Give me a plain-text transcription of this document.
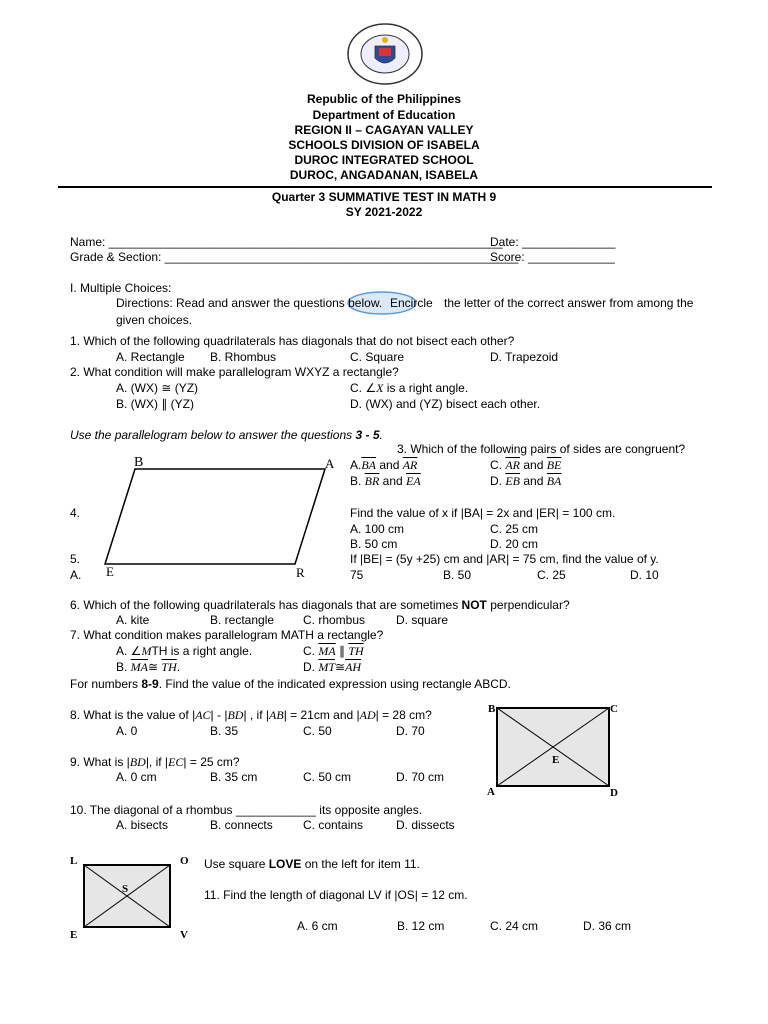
Republic of the Philippines
Department of Education
REGION II – CAGAYAN VALLEY
SCHOOLS DIVISION OF ISABELA
DUROC INTEGRATED SCHOOL
DUROC, ANGADANAN, ISABELA
Quarter 3 SUMMATIVE TEST IN MATH 9
SY 2021-2022
Name: ___________________________________________________________
Date: ______________
Grade & Section: _____________________________________________________
Score: _____________
I. Multiple Choices:
Directions: Read and answer the questions below. Encircle the letter of the correct answer from among the
given choices.
1. Which of the following quadrilaterals has diagonals that do not bisect each other?
A. Rectangle B. Rhombus	C. Square	D. Trapezoid
2. What condition will make parallelogram WXYZ a rectangle?
A. (WX) ≅ (YZ)	C. ∠X is a right angle.
B. (WX) ∥ (YZ)	D. (WX) and (YZ) bisect each other.
Use the parallelogram below to answer the questions 3 - 5.
B	A
E	R
3. Which of the following pairs of sides are congruent?
$A.\overline{BA}$ and $\overline{AR}$	C. $\overline{AR}$ and $\overline{BE}$
B. $\overline{BR}$ and $\overline{EA}$	D. $\overline{EB}$ and $\overline{BA}$
4.	Find the value of x if |BA| = 2x and |ER| = 100 cm.
A. 100 cm	C. 25 cm
B. 50 cm	D. 20 cm
5.	If |BE| = (5y +25) cm and |AR| = 75 cm, find the value of y.
A.	75	B. 50	C. 25	D. 10
6. Which of the following quadrilaterals has diagonals that are sometimes NOT perpendicular?
A. kite	B. rectangle C. rhombus	D. square
7. What condition makes parallelogram MATH a rectangle?
A. ∠MTH is a right angle.	C. $\overline{MA}$ ∥ $\overline{TH}$
B. $\overline{MA}≅$ $\overline{TH}$.	D. $\overline{MT}≅\overline{AH}$
For numbers 8-9. Find the value of the indicated expression using rectangle ABCD.
8. What is the value of |AC| - |BD| , if |AB| = 21cm and |AD| = 28 cm?
A. 0	B. 35	C. 50	D. 70
B	C
E
A	D
9. What is |BD|, if |EC| = 25 cm?
A. 0 cm	B. 35 cm	C. 50 cm	D. 70 cm
10. The diagonal of a rhombus ____________ its opposite angles.
A. bisects	B. connects	C. contains	D. dissects
L	O
S
E	V
Use square LOVE on the left for item 11.
11. Find the length of diagonal LV if |OS| = 12 cm.
A. 6 cm	B. 12 cm	C. 24 cm	D. 36 cm
